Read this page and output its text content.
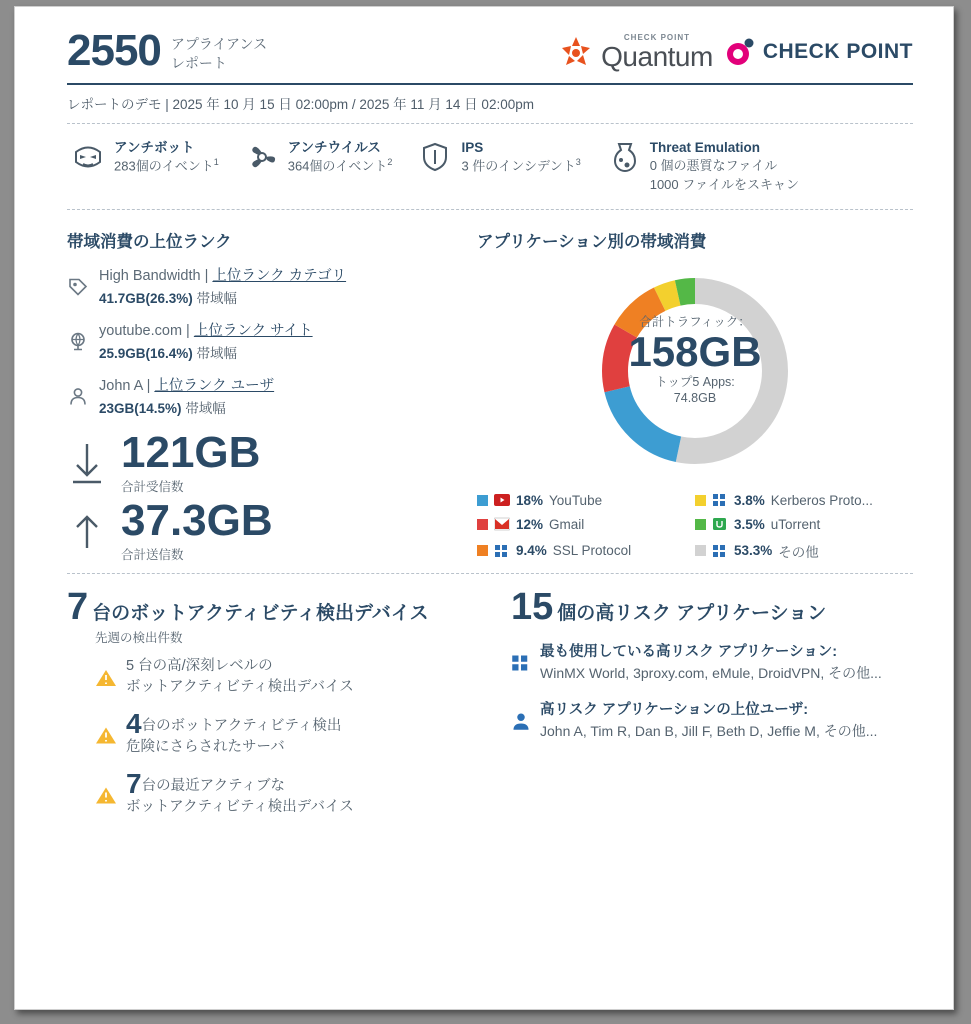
2550 アプライアンス
レポート
CHECK POINT
Quantum CHECK POINT
レポートのデモ | 2025 年 10 月 15 日 02:00pm / 2025 年 11 月 14 日 02:00pm
アンチボット
283個のイベント$^1$
アンチウイルス
364個のイベント$^2$
IPS
3 件のインシデント$^3$
Threat Emulation
0 個の悪質なファイル
1000 ファイルをスキャン
帯域消費の上位ランク
High Bandwidth | 上位ランク カテゴリ
41.7GB(26.3%) 帯域幅
youtube.com | 上位ランク サイト
25.9GB(16.4%) 帯域幅
John A | 上位ランク ユーザ
23GB(14.5%) 帯域幅
121GB
合計受信数
37.3GB
合計送信数
アプリケーション別の帯域消費
合計トラフィック：
158GB
トップ5 Apps:
74.8GB
18% YouTube	3.8% Kerberos Proto...
12% Gmail	3.5% uTorrent
9.4% SSL Protocol	53.3% その他
7 台のボットアクティビティ検出デバイス
先週の検出件数
5 台の高/深刻レベルの
ボットアクティビティ検出デバイス
4台のボットアクティビティ検出
危険にさらされたサーバ
7台の最近アクティブな
ボットアクティビティ検出デバイス
15 個の高リスク アプリケーション
最も使用している高リスク アプリケーション:
WinMX World, 3proxy.com, eMule, DroidVPN, その他...
高リスク アプリケーションの上位ユーザ:
John A, Tim R, Dan B, Jill F, Beth D, Jeffie M, その他...
